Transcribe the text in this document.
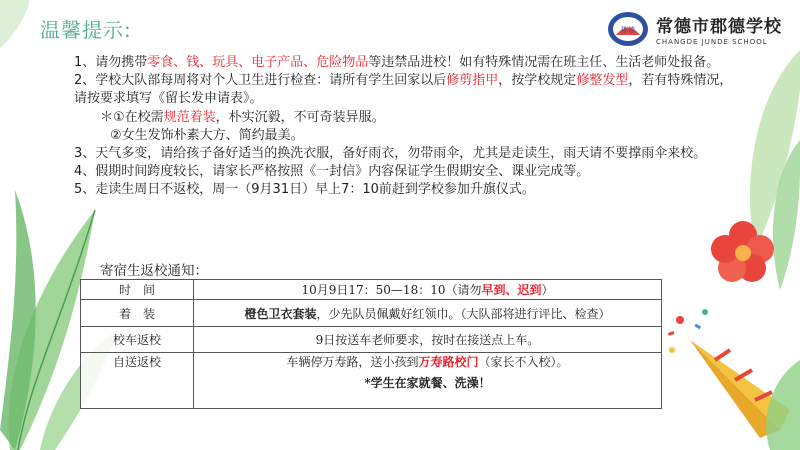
温馨提示:	郡德 常德市郡德学校
CHANGDE JUNDE SCHOOL

1、请勿携带零食、钱、玩具、电子产品、危险物品等违禁品进校！如有特殊情况需在班主任、生活老师处报备。

2、学校大队部每周将对个人卫生进行检查：请所有学生回家以后修剪指甲，按学校规定修整发型，若有特殊情况，请按要求填写《留长发申请表》。

＊①在校需规范着装，朴实沉毅，不可奇装异服。

②女生发饰朴素大方、简约最美。

3、天气多变，请给孩子备好适当的换洗衣服，备好雨衣，勿带雨伞，尤其是走读生，雨天请不要撑雨伞来校。

4、假期时间跨度较长，请家长严格按照《一封信》内容保证学生假期安全、课业完成等。

5、走读生周日不返校，周一（9月31日）早上7：10前赶到学校参加升旗仪式。

寄宿生返校通知：
时　间	10月9日17：50—18：10（请勿早到、迟到）
着　装	橙色卫衣套装，少先队员佩戴好红领巾。（大队部将进行评比、检查）
校车返校	9日按送车老师要求，按时在接送点上车。
自送返校	车辆停万寿路，送小孩到万寿路校门（家长不入校）。
*学生在家就餐、洗澡！
